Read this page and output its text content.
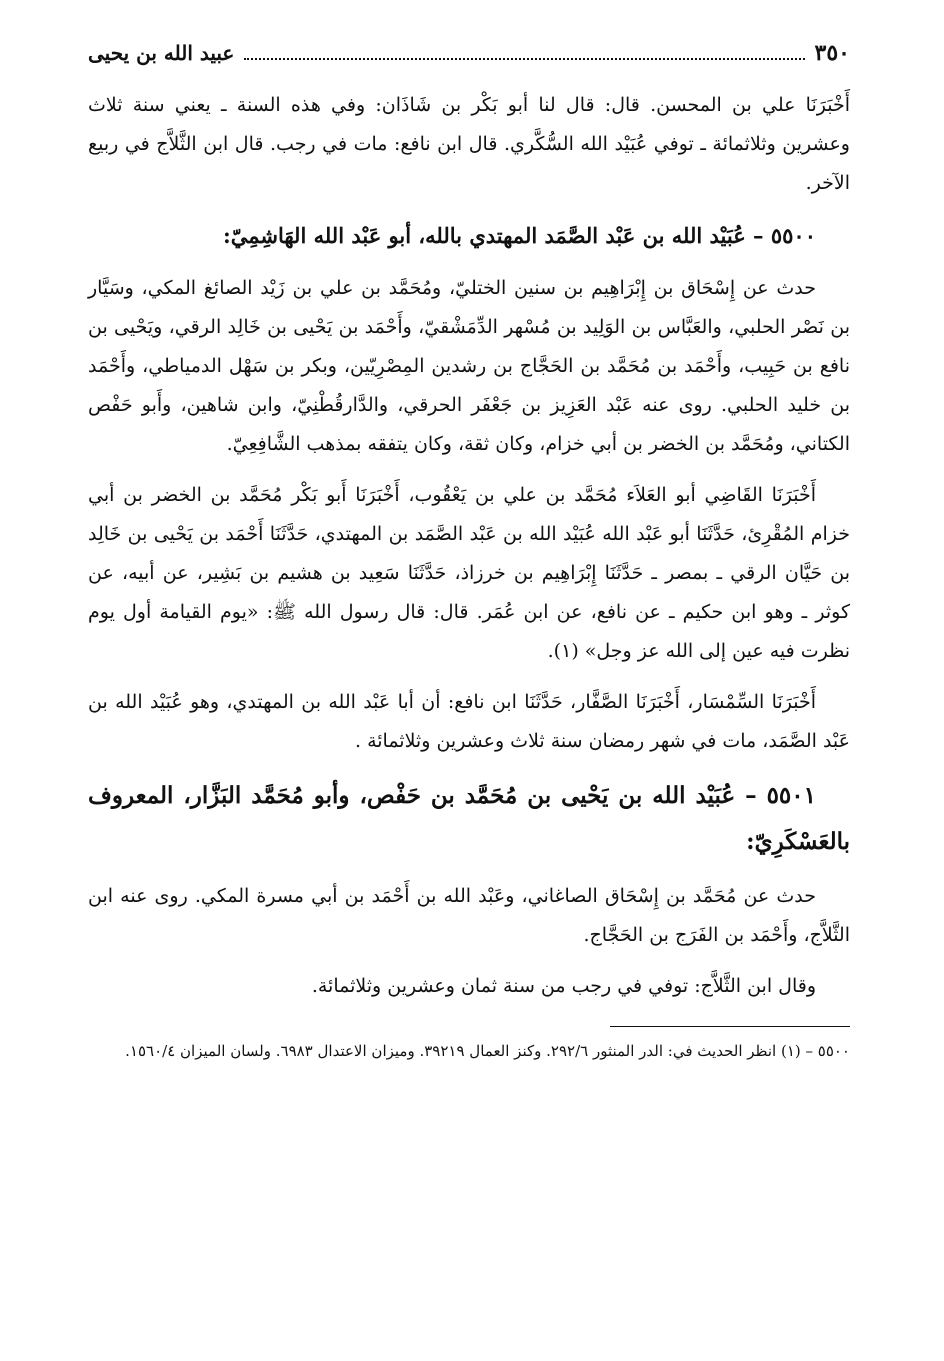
٣٥٠
عبيد الله بن يحيى

أَخْبَرَنَا علي بن المحسن. قال: قال لنا أبو بَكْر بن شَاذَان: وفي هذه السنة ـ يعني سنة ثلاث وعشرين وثلاثمائة ـ توفي عُبَيْد الله السُّكَّري. قال ابن نافع: مات في رجب. قال ابن الثَّلاَّج في ربيع الآخر.

٥٥٠٠ – عُبَيْد الله بن عَبْد الصَّمَد المهتدي بالله، أبو عَبْد الله الهَاشِمِيّ:

حدث عن إِسْحَاق بن إِبْرَاهِيم بن سنين الختليّ، ومُحَمَّد بن علي بن زَيْد الصائغ المكي، وسَيَّار بن نَصْر الحلبي، والعَبَّاس بن الوَلِيد بن مُسْهر الدِّمَشْقيّ، وأَحْمَد بن يَحْيى بن خَالِد الرقي، ويَحْيى بن نافع بن حَبِيب، وأَحْمَد بن مُحَمَّد بن الحَجَّاج بن رشدين المِصْرِيّين، وبكر بن سَهْل الدمياطي، وأَحْمَد بن خليد الحلبي. روى عنه عَبْد العَزِيز بن جَعْفَر الحرقي، والدَّارقُطْنِيّ، وابن شاهين، وأَبو حَفْص الكتاني، ومُحَمَّد بن الخضر بن أبي خزام، وكان ثقة، وكان يتفقه بمذهب الشَّافِعِيّ.

أَخْبَرَنَا القَاضِي أبو العَلاَء مُحَمَّد بن علي بن يَعْقُوب، أَخْبَرَنَا أَبو بَكْر مُحَمَّد بن الخضر بن أبي خزام المُقْرِئ، حَدَّثَنَا أبو عَبْد الله عُبَيْد الله بن عَبْد الصَّمَد بن المهتدي، حَدَّثَنَا أَحْمَد بن يَحْيى بن خَالِد بن حَيَّان الرقي ـ بمصر ـ حَدَّثَنَا إِبْرَاهِيم بن خرزاذ، حَدَّثَنَا سَعِيد بن هشيم بن بَشِير، عن أبيه، عن كوثر ـ وهو ابن حكيم ـ عن نافع، عن ابن عُمَر. قال: قال رسول الله ﷺ: «يوم القيامة أول يوم نظرت فيه عين إلى الله عز وجل» (١).

أَخْبَرَنَا السِّمْسَار، أَخْبَرَنَا الصَّفَّار، حَدَّثَنَا ابن نافع: أن أبا عَبْد الله بن المهتدي، وهو عُبَيْد الله بن عَبْد الصَّمَد، مات في شهر رمضان سنة ثلاث وعشرين وثلاثمائة .

٥٥٠١ – عُبَيْد الله بن يَحْيى بن مُحَمَّد بن حَفْص، وأبو مُحَمَّد البَزَّار، المعروف بالعَسْكَرِيّ:

حدث عن مُحَمَّد بن إِسْحَاق الصاغاني، وعَبْد الله بن أَحْمَد بن أبي مسرة المكي. روى عنه ابن الثَّلاَّج، وأَحْمَد بن الفَرَج بن الحَجَّاج.

وقال ابن الثَّلاَّج: توفي في رجب من سنة ثمان وعشرين وثلاثمائة.

٥٥٠٠ – (١) انظر الحديث في: الدر المنثور ٢٩٢/٦. وكنز العمال ٣٩٢١٩. وميزان الاعتدال ٦٩٨٣. ولسان الميزان ١٥٦٠/٤.
